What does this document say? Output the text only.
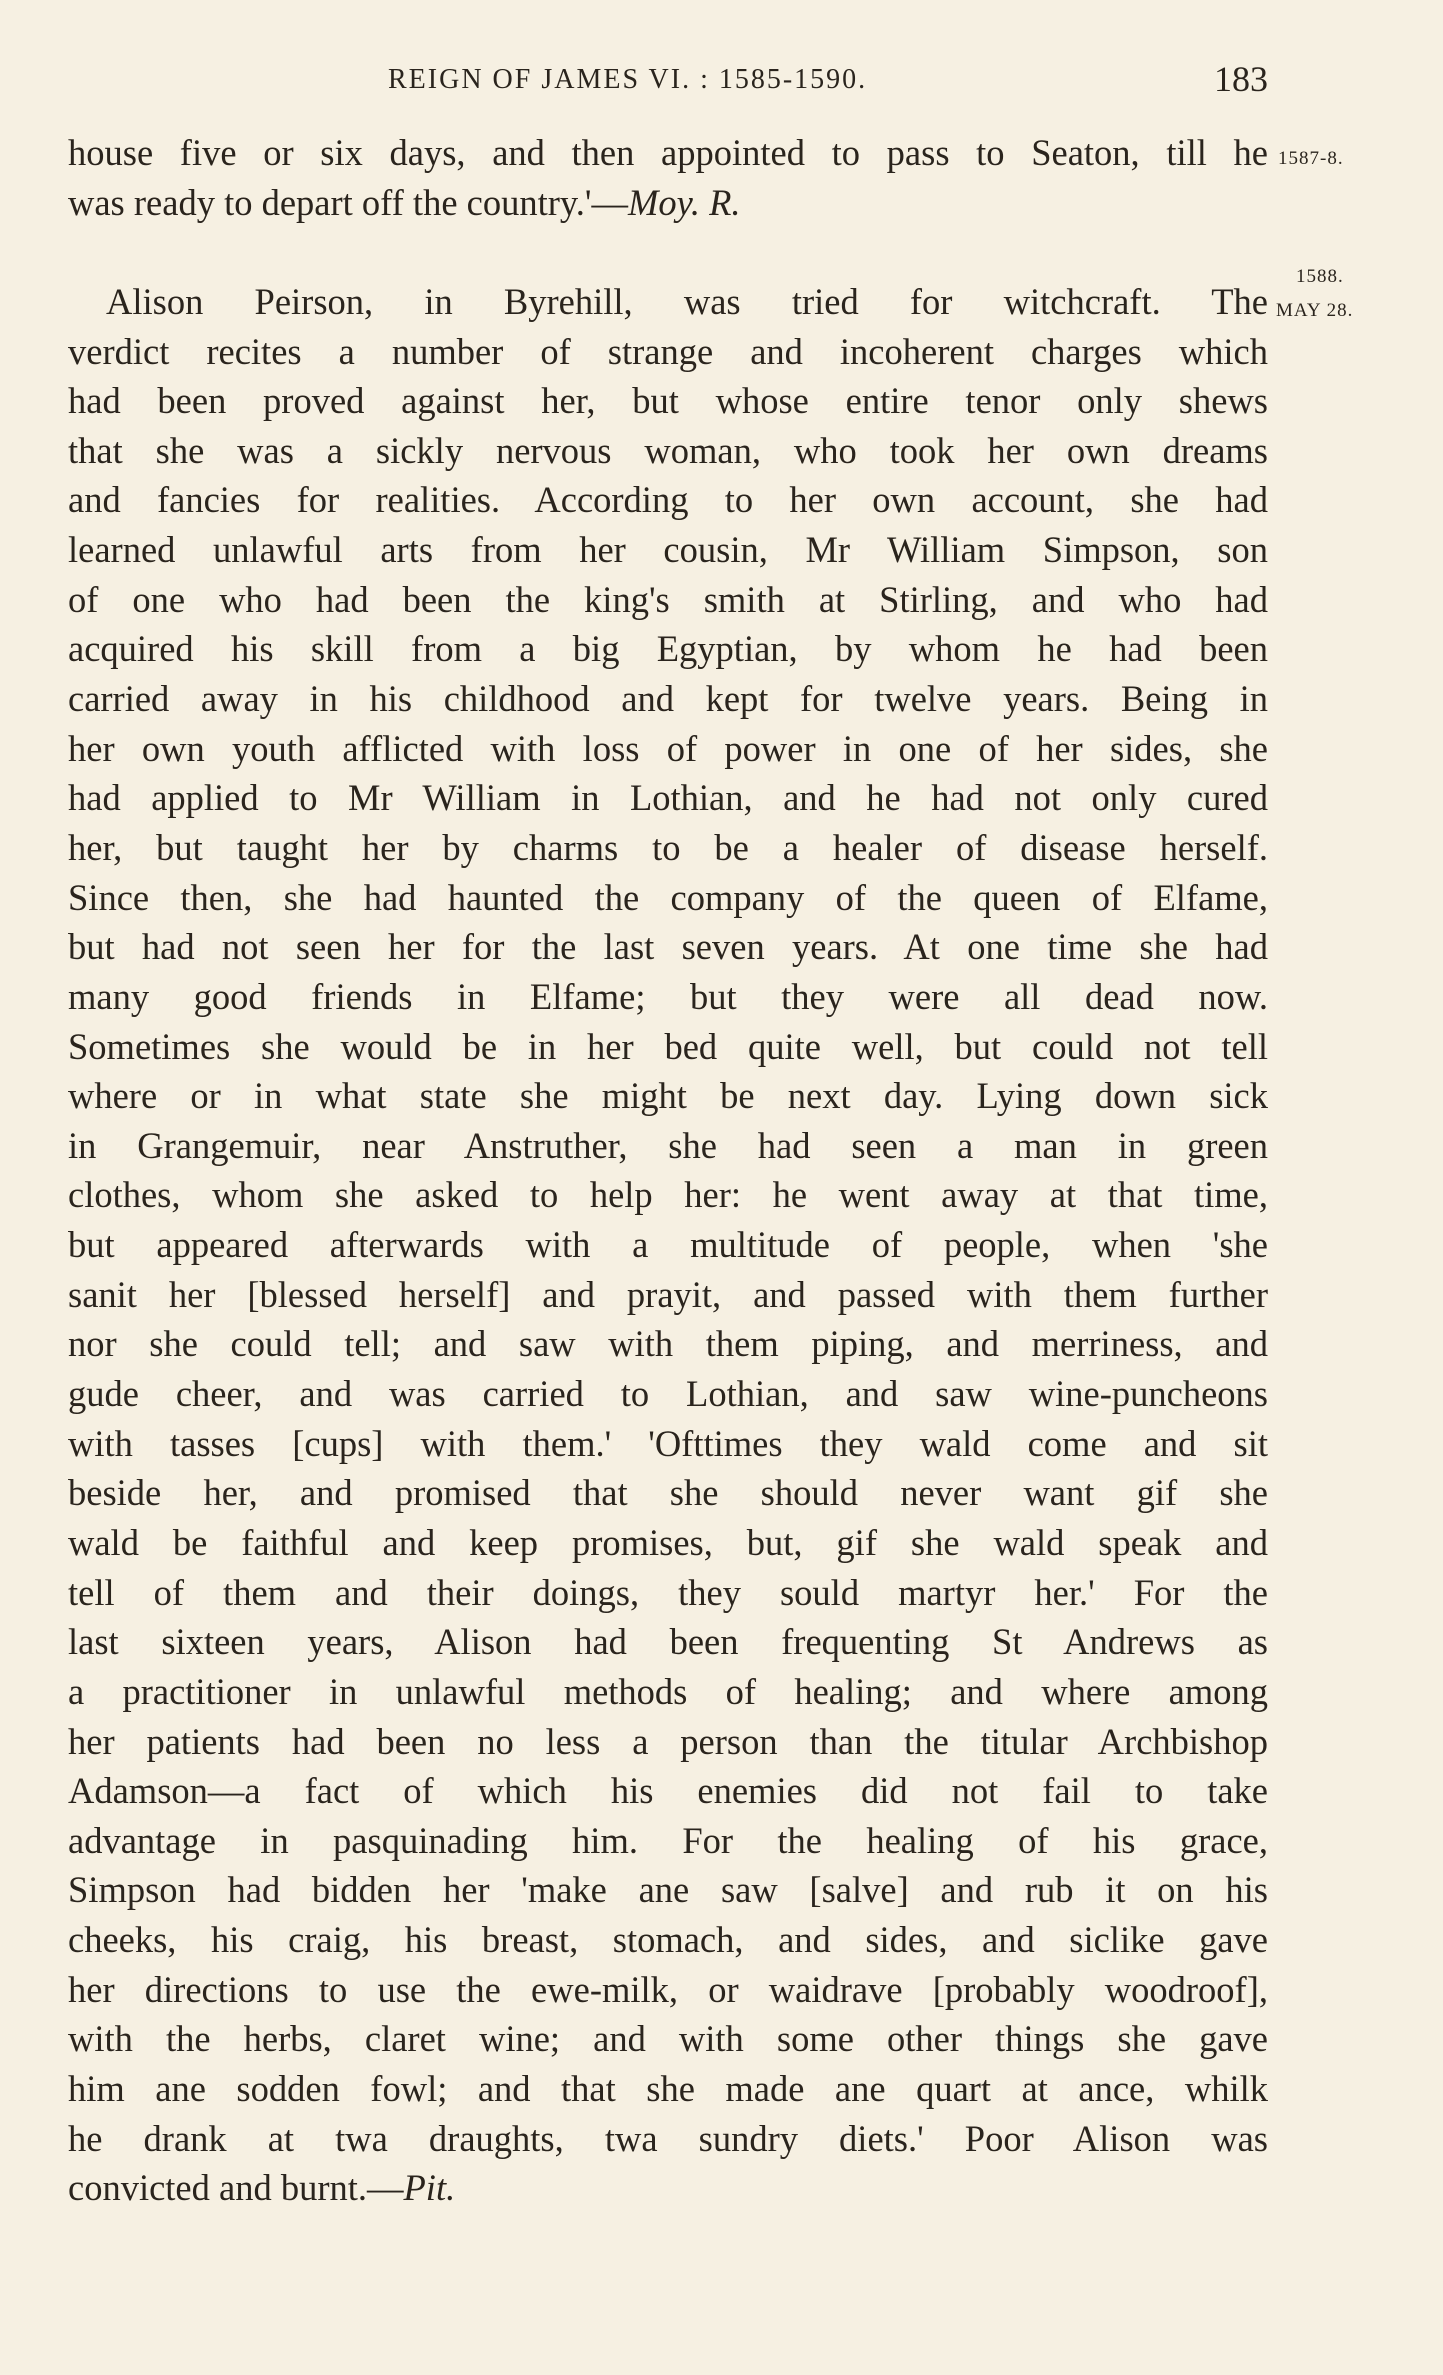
REIGN OF JAMES VI. : 1585-1590.	183
1587-8.
1588.
MAY 28.
house five or six days, and then appointed to pass to Seaton, till he
was ready to depart off the country.'—Moy. R.
Alison Peirson, in Byrehill, was tried for witchcraft. The
verdict recites a number of strange and incoherent charges which
had been proved against her, but whose entire tenor only shews
that she was a sickly nervous woman, who took her own dreams
and fancies for realities. According to her own account, she had
learned unlawful arts from her cousin, Mr William Simpson, son
of one who had been the king's smith at Stirling, and who had
acquired his skill from a big Egyptian, by whom he had been
carried away in his childhood and kept for twelve years. Being in
her own youth afflicted with loss of power in one of her sides, she
had applied to Mr William in Lothian, and he had not only cured
her, but taught her by charms to be a healer of disease herself.
Since then, she had haunted the company of the queen of Elfame,
but had not seen her for the last seven years. At one time she had
many good friends in Elfame; but they were all dead now.
Sometimes she would be in her bed quite well, but could not tell
where or in what state she might be next day. Lying down sick
in Grangemuir, near Anstruther, she had seen a man in green
clothes, whom she asked to help her: he went away at that time,
but appeared afterwards with a multitude of people, when 'she
sanit her [blessed herself] and prayit, and passed with them further
nor she could tell; and saw with them piping, and merriness, and
gude cheer, and was carried to Lothian, and saw wine-puncheons
with tasses [cups] with them.' 'Ofttimes they wald come and sit
beside her, and promised that she should never want gif she
wald be faithful and keep promises, but, gif she wald speak and
tell of them and their doings, they sould martyr her.' For the
last sixteen years, Alison had been frequenting St Andrews as
a practitioner in unlawful methods of healing; and where among
her patients had been no less a person than the titular Archbishop
Adamson—a fact of which his enemies did not fail to take
advantage in pasquinading him. For the healing of his grace,
Simpson had bidden her 'make ane saw [salve] and rub it on his
cheeks, his craig, his breast, stomach, and sides, and siclike gave
her directions to use the ewe-milk, or waidrave [probably woodroof],
with the herbs, claret wine; and with some other things she gave
him ane sodden fowl; and that she made ane quart at ance, whilk
he drank at twa draughts, twa sundry diets.' Poor Alison was
convicted and burnt.—Pit.
